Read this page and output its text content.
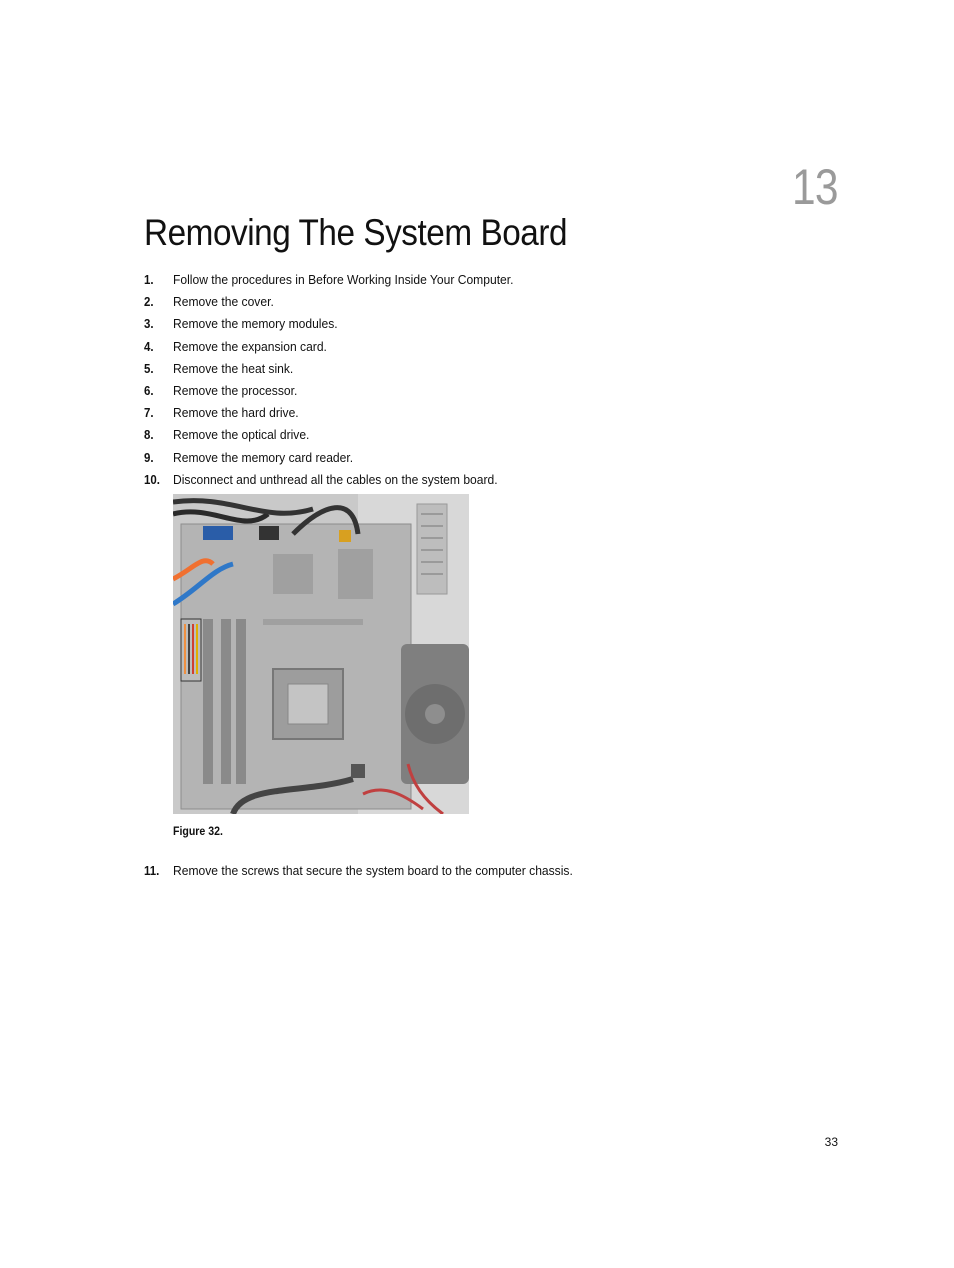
13
Removing The System Board
1.	Follow the procedures in Before Working Inside Your Computer.
2.	Remove the cover.
3.	Remove the memory modules.
4.	Remove the expansion card.
5.	Remove the heat sink.
6.	Remove the processor.
7.	Remove the hard drive.
8.	Remove the optical drive.
9.	Remove the memory card reader.
10.	Disconnect and unthread all the cables on the system board.
Figure 32.
11.	Remove the screws that secure the system board to the computer chassis.
33
